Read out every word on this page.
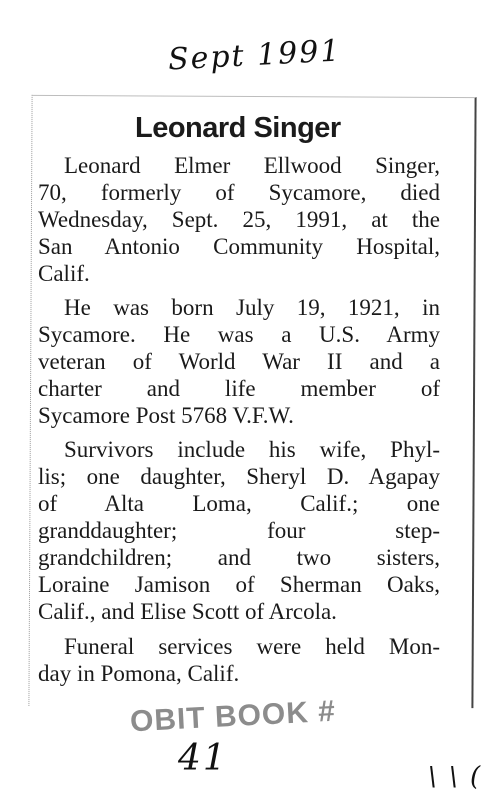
Sept 1991
Leonard Singer
Leonard Elmer Ellwood Singer,
70, formerly of Sycamore, died
Wednesday, Sept. 25, 1991, at the
San Antonio Community Hospital,
Calif.
He was born July 19, 1921, in
Sycamore. He was a U.S. Army
veteran of World War II and a
charter and life member of
Sycamore Post 5768 V.F.W.
Survivors include his wife, Phyl-
lis; one daughter, Sheryl D. Agapay
of Alta Loma, Calif.; one
granddaughter; four step-
grandchildren; and two sisters,
Loraine Jamison of Sherman Oaks,
Calif., and Elise Scott of Arcola.
Funeral services were held Mon-
day in Pomona, Calif.
OBIT BOOK #
41	\ \ (
